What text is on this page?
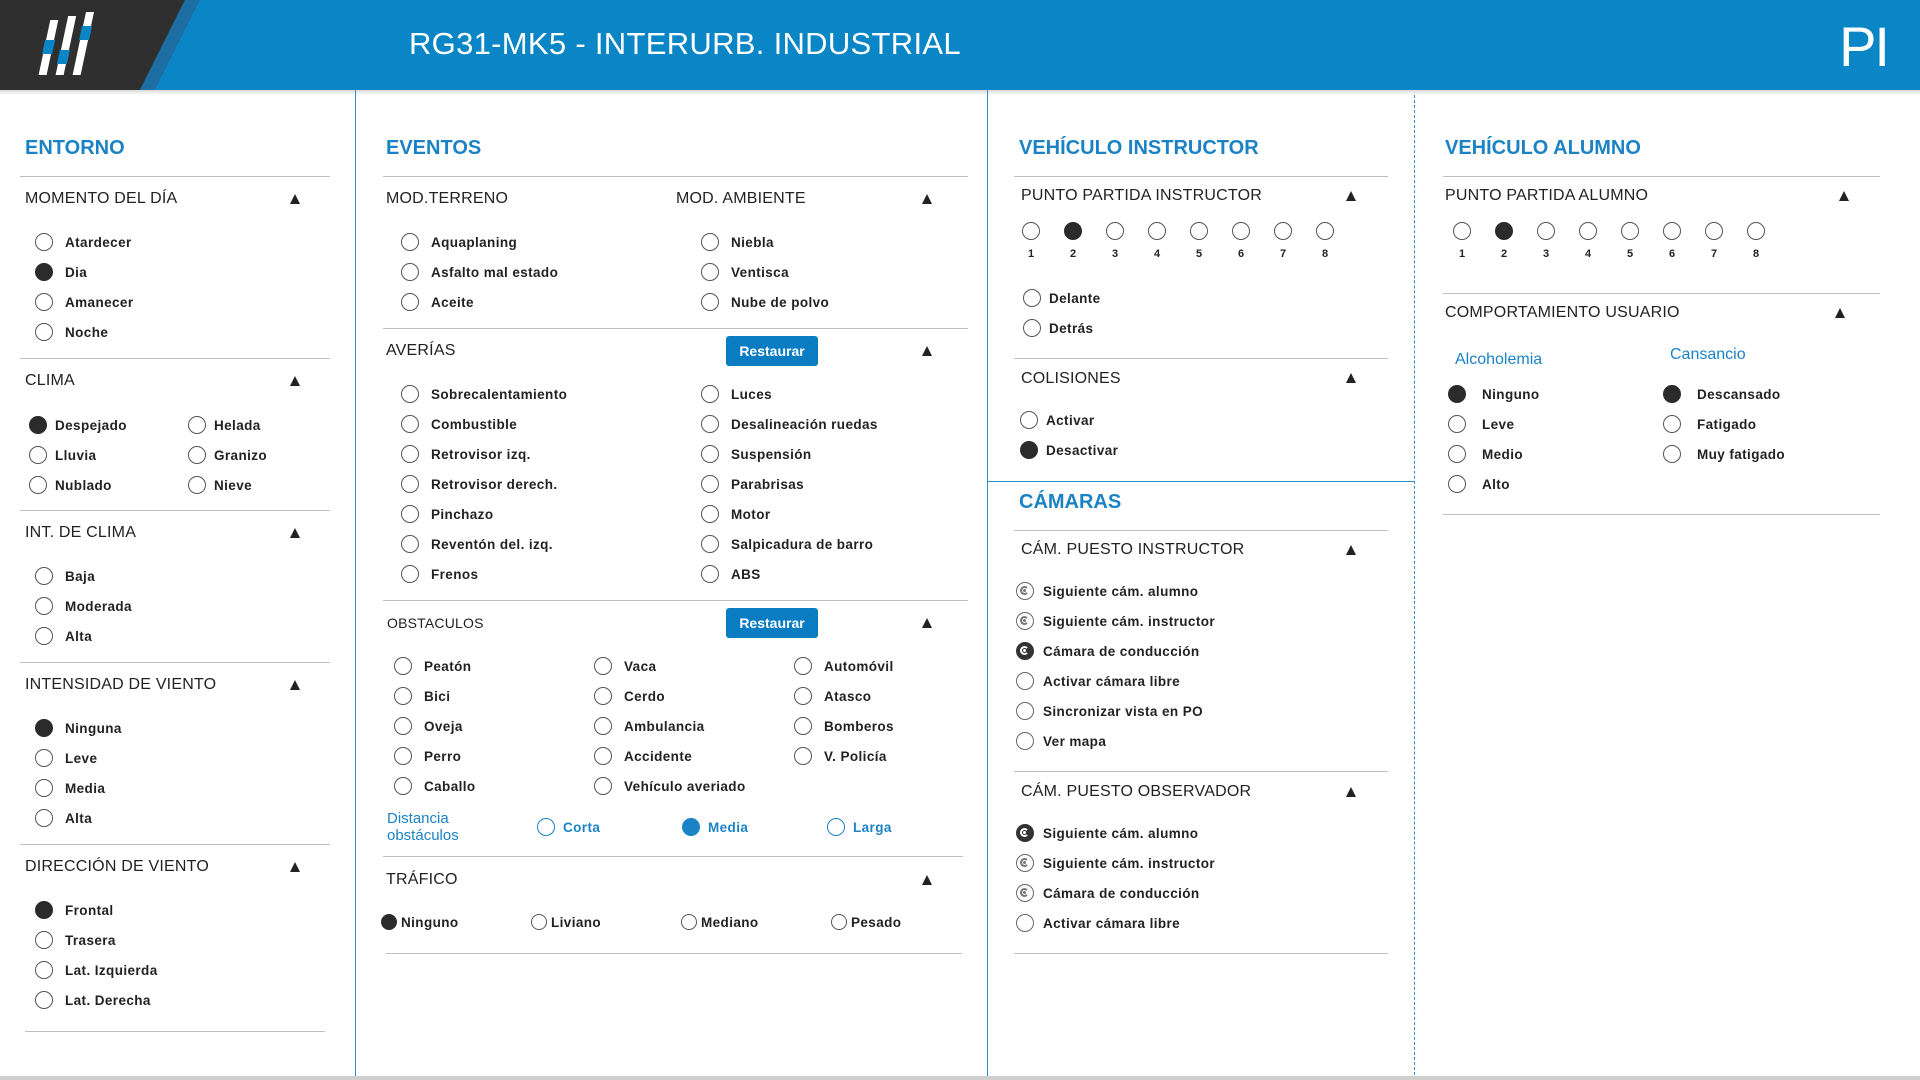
RG31-MK5 - INTERURB. INDUSTRIAL	PI
ENTORNO
MOMENTO DEL DÍA
Atardecer
Dia
Amanecer
Noche
CLIMA
Despejado	Helada
Lluvia	Granizo
Nublado	Nieve
INT. DE CLIMA
Baja
Moderada
Alta
INTENSIDAD DE VIENTO
Ninguna
Leve
Media
Alta
DIRECCIÓN DE VIENTO
Frontal
Trasera
Lat. Izquierda
Lat. Derecha
EVENTOS
MOD.TERRENO	MOD. AMBIENTE
Aquaplaning
Asfalto mal estado
Aceite
Niebla
Ventisca
Nube de polvo
AVERÍAS	Restaurar
Sobrecalentamiento
Combustible
Retrovisor izq.
Retrovisor derech.
Pinchazo
Reventón del. izq.
Frenos
Luces
Desalineación ruedas
Suspensión
Parabrisas
Motor
Salpicadura de barro
ABS
OBSTACULOS	Restaurar
Peatón
Bici
Oveja
Perro
Caballo
Vaca
Cerdo
Ambulancia
Accidente
Vehículo averiado
Automóvil
Atasco
Bomberos
V. Policía
Distancia
obstáculos	Corta	Media	Larga
TRÁFICO
Ninguno	Liviano	Mediano	Pesado
VEHÍCULO INSTRUCTOR
PUNTO PARTIDA INSTRUCTOR
1	2	3	4	5	6	7	8
Delante
Detrás
COLISIONES
Activar
Desactivar
CÁMARAS
CÁM. PUESTO INSTRUCTOR
Siguiente cám. alumno
Siguiente cám. instructor
Cámara de conducción
Activar cámara libre
Sincronizar vista en PO
Ver mapa
CÁM. PUESTO OBSERVADOR
Siguiente cám. alumno
Siguiente cám. instructor
Cámara de conducción
Activar cámara libre
VEHÍCULO ALUMNO
PUNTO PARTIDA ALUMNO
1	2	3	4	5	6	7	8
COMPORTAMIENTO USUARIO
Alcoholemia	Cansancio
Ninguno
Leve
Medio
Alto
Descansado
Fatigado
Muy fatigado
